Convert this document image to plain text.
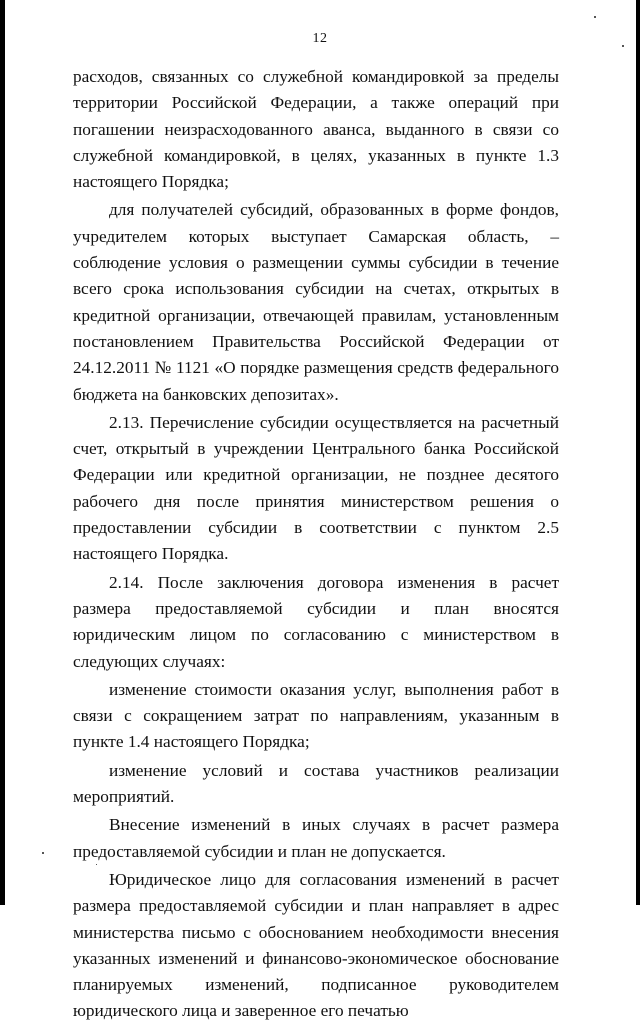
12

расходов, связанных со служебной командировкой за пределы территории Российской Федерации, а также операций при погашении неизрасходованного аванса, выданного в связи со служебной командировкой, в целях, указанных в пункте 1.3 настоящего Порядка;

для получателей субсидий, образованных в форме фондов, учредителем которых выступает Самарская область, – соблюдение условия о размещении суммы субсидии в течение всего срока использования субсидии на счетах, открытых в кредитной организации, отвечающей правилам, установленным постановлением Правительства Российской Федерации от 24.12.2011 № 1121 «О порядке размещения средств федерального бюджета на банковских депозитах».

2.13. Перечисление субсидии осуществляется на расчетный счет, открытый в учреждении Центрального банка Российской Федерации или кредитной организации, не позднее десятого рабочего дня после принятия министерством решения о предоставлении субсидии в соответствии с пунктом 2.5 настоящего Порядка.

2.14. После заключения договора изменения в расчет размера предоставляемой субсидии и план вносятся юридическим лицом по согласованию с министерством в следующих случаях:

изменение стоимости оказания услуг, выполнения работ в связи с сокращением затрат по направлениям, указанным в пункте 1.4 настоящего Порядка;

изменение условий и состава участников реализации мероприятий.

Внесение изменений в иных случаях в расчет размера предоставляемой субсидии и план не допускается.

Юридическое лицо для согласования изменений в расчет размера предоставляемой субсидии и план направляет в адрес министерства письмо с обоснованием необходимости внесения указанных изменений и финансово-экономическое обоснование планируемых изменений, подписанное руководителем юридического лица и заверенное его печатью
